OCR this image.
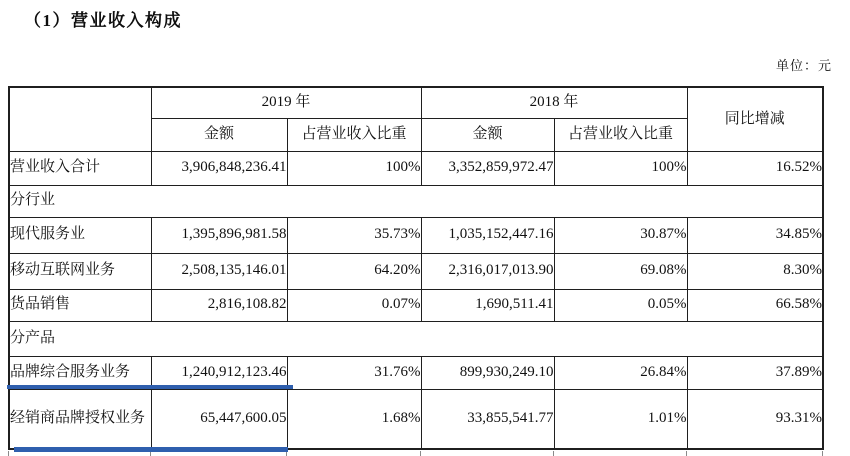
（1）营业收入构成
单位：元
	2019 年		2018 年		同比增减
	金额	占营业收入比重	金额	占营业收入比重	
营业收入合计	3,906,848,236.41	100%	3,352,859,972.47	100%	16.52%
分行业					
现代服务业	1,395,896,981.58	35.73%	1,035,152,447.16	30.87%	34.85%
移动互联网业务	2,508,135,146.01	64.20%	2,316,017,013.90	69.08%	8.30%
货品销售	2,816,108.82	0.07%	1,690,511.41	0.05%	66.58%
分产品					
品牌综合服务业务	1,240,912,123.46	31.76%	899,930,249.10	26.84%	37.89%
经销商品牌授权业务	65,447,600.05	1.68%	33,855,541.77	1.01%	93.31%
